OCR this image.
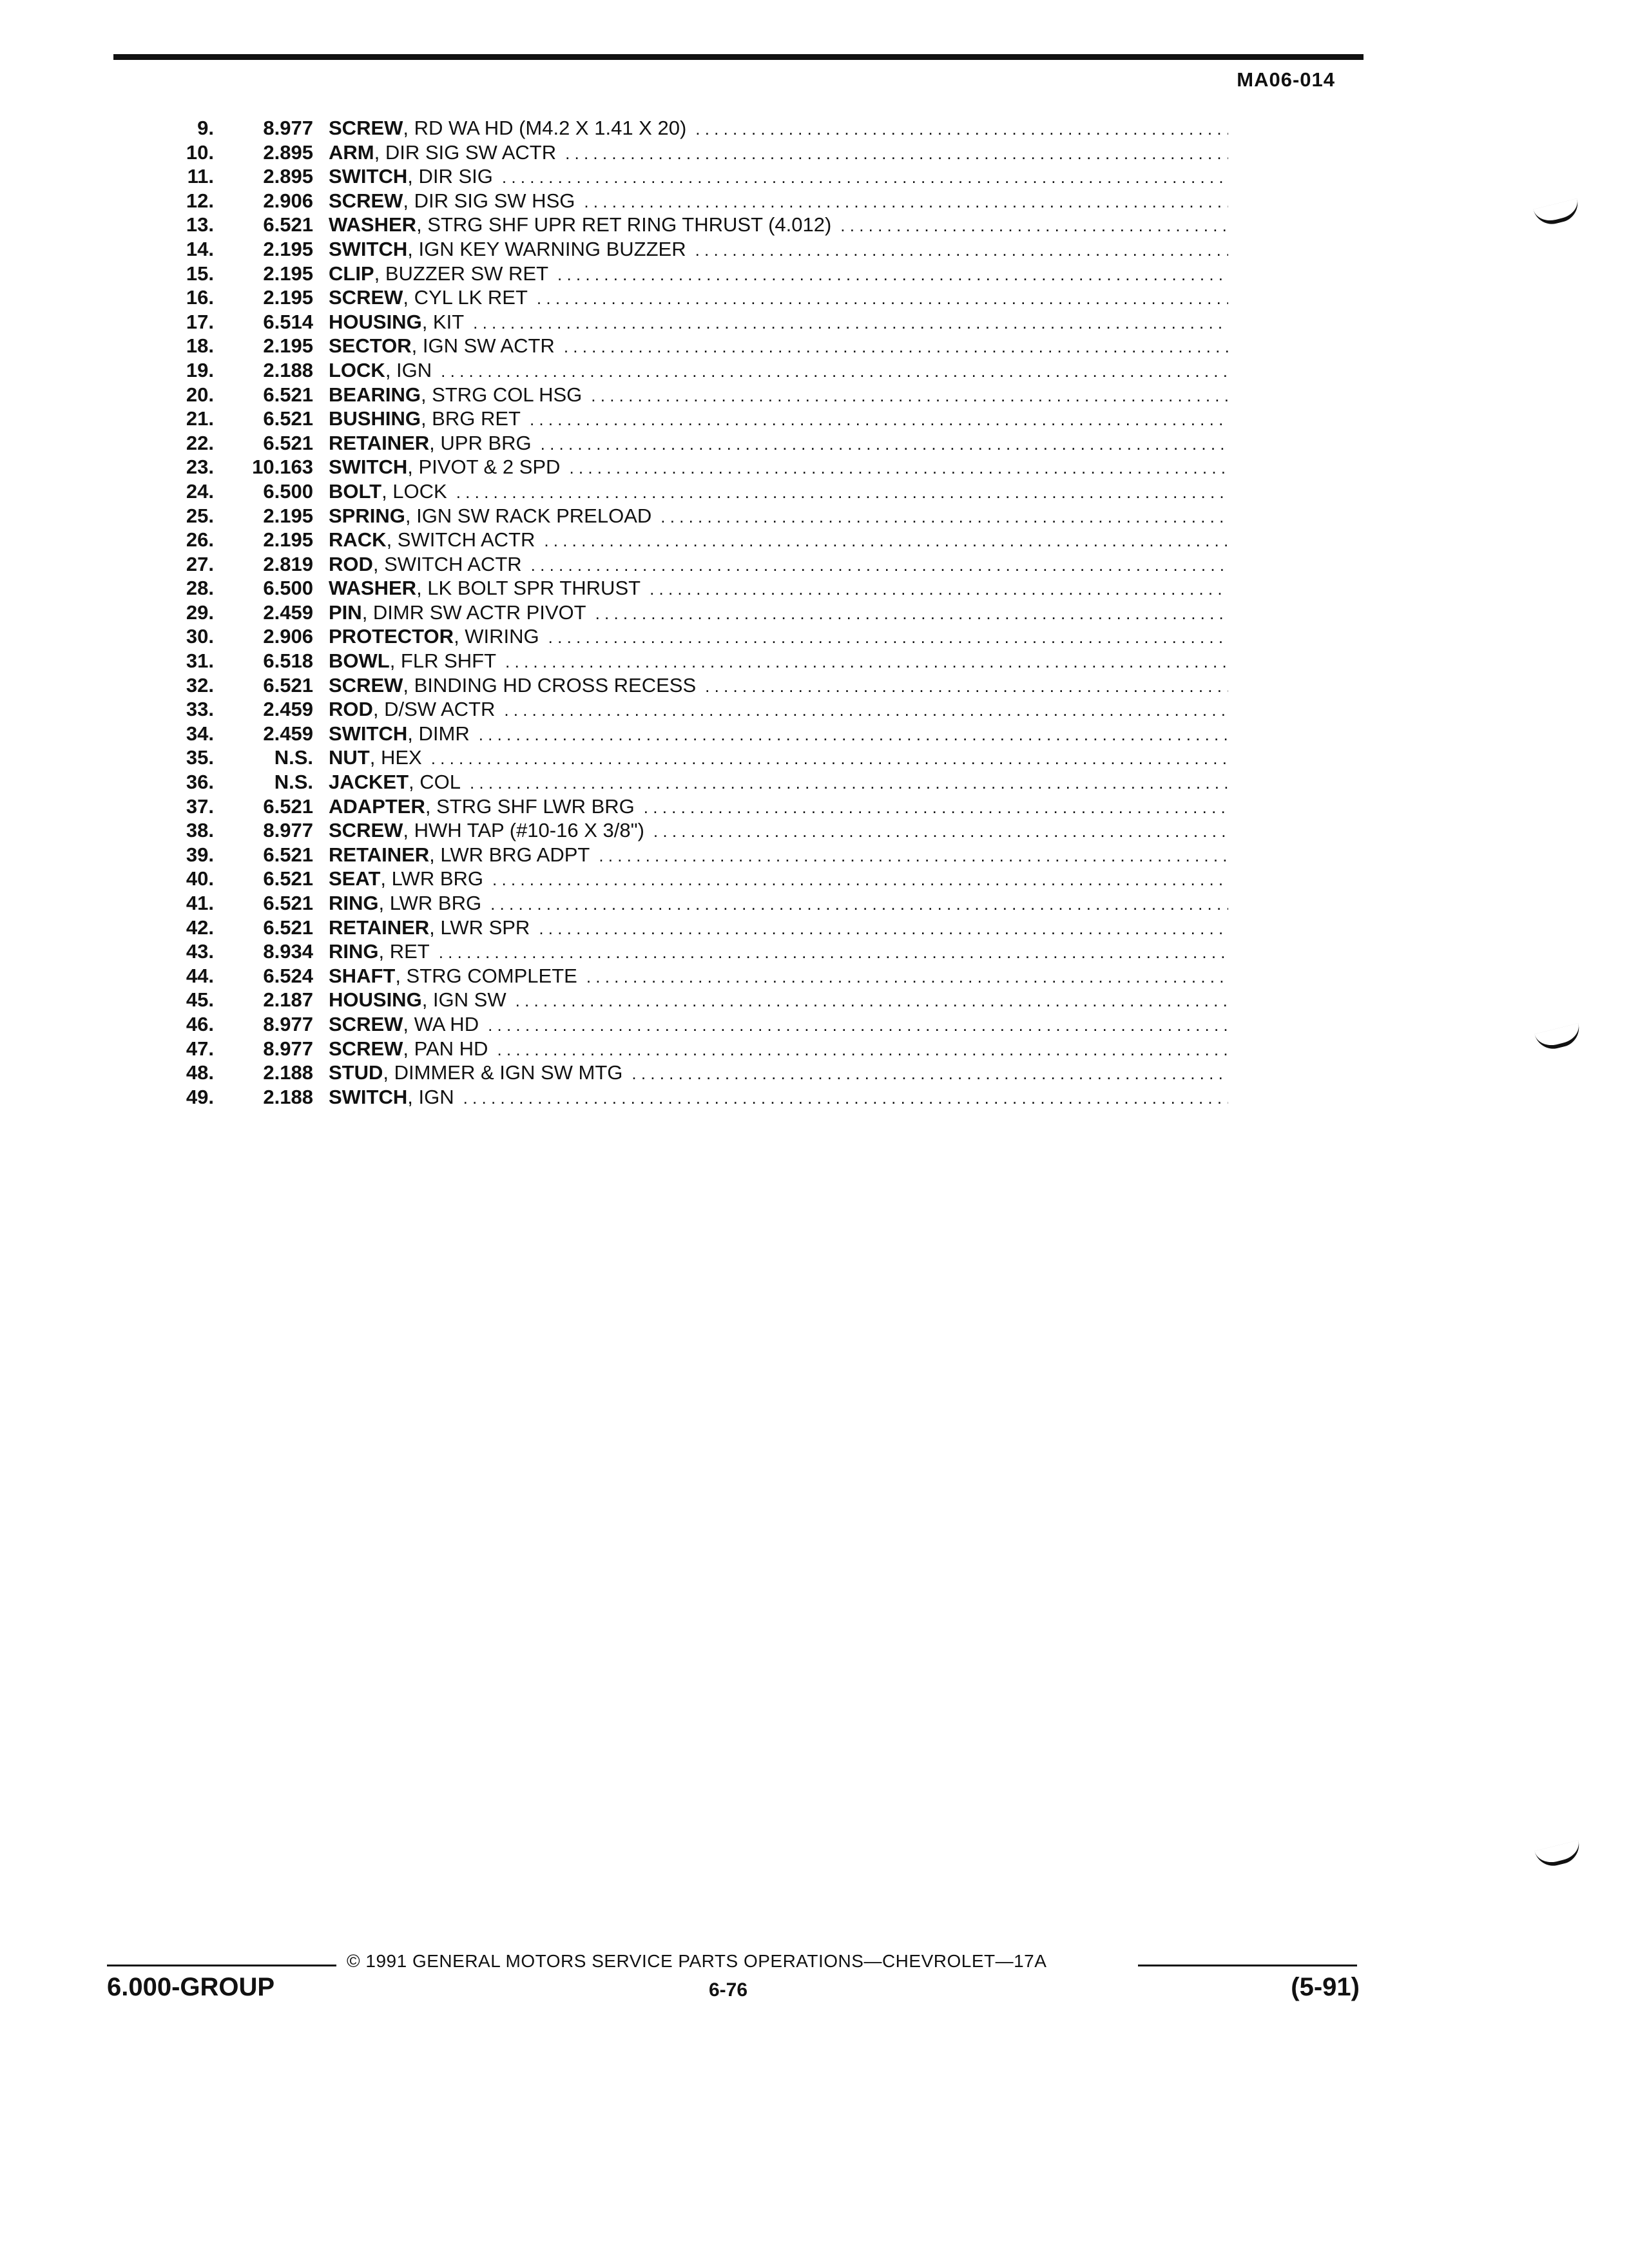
MA06-014
9.	8.977 SCREW, RD WA HD (M4.2 X 1.41 X 20) . . .
10.	2.895 ARM, DIR SIG SW ACTR . . .
11.	2.895 SWITCH, DIR SIG . . .
12.	2.906 SCREW, DIR SIG SW HSG . . .
13.	6.521 WASHER, STRG SHF UPR RET RING THRUST (4.012) . . .
14.	2.195 SWITCH, IGN KEY WARNING BUZZER . . .
15.	2.195 CLIP, BUZZER SW RET . . .
16.	2.195 SCREW, CYL LK RET . . .
17.	6.514 HOUSING, KIT . . .
18.	2.195 SECTOR, IGN SW ACTR . . .
19.	2.188 LOCK, IGN . . .
20.	6.521 BEARING, STRG COL HSG . . .
21.	6.521 BUSHING, BRG RET . . .
22.	6.521 RETAINER, UPR BRG . . .
23.	10.163 SWITCH, PIVOT & 2 SPD . . .
24.	6.500 BOLT, LOCK . . .
25.	2.195 SPRING, IGN SW RACK PRELOAD . . .
26.	2.195 RACK, SWITCH ACTR . . .
27.	2.819 ROD, SWITCH ACTR . . .
28.	6.500 WASHER, LK BOLT SPR THRUST . . .
29.	2.459 PIN, DIMR SW ACTR PIVOT . . .
30.	2.906 PROTECTOR, WIRING . . .
31.	6.518 BOWL, FLR SHFT . . .
32.	6.521 SCREW, BINDING HD CROSS RECESS . . .
33.	2.459 ROD, D/SW ACTR . . .
34.	2.459 SWITCH, DIMR . . .
35.	N.S. NUT, HEX . . .
36.	N.S. JACKET, COL . . .
37.	6.521 ADAPTER, STRG SHF LWR BRG . . .
38.	8.977 SCREW, HWH TAP (#10-16 X 3/8") . . .
39.	6.521 RETAINER, LWR BRG ADPT . . .
40.	6.521 SEAT, LWR BRG . . .
41.	6.521 RING, LWR BRG . . .
42.	6.521 RETAINER, LWR SPR . . .
43.	8.934 RING, RET . . .
44.	6.524 SHAFT, STRG COMPLETE . . .
45.	2.187 HOUSING, IGN SW . . .
46.	8.977 SCREW, WA HD . . .
47.	8.977 SCREW, PAN HD . . .
48.	2.188 STUD, DIMMER & IGN SW MTG . . .
49.	2.188 SWITCH, IGN . . .
© 1991 GENERAL MOTORS SERVICE PARTS OPERATIONS—CHEVROLET—17A
6.000-GROUP	6-76	(5-91)
